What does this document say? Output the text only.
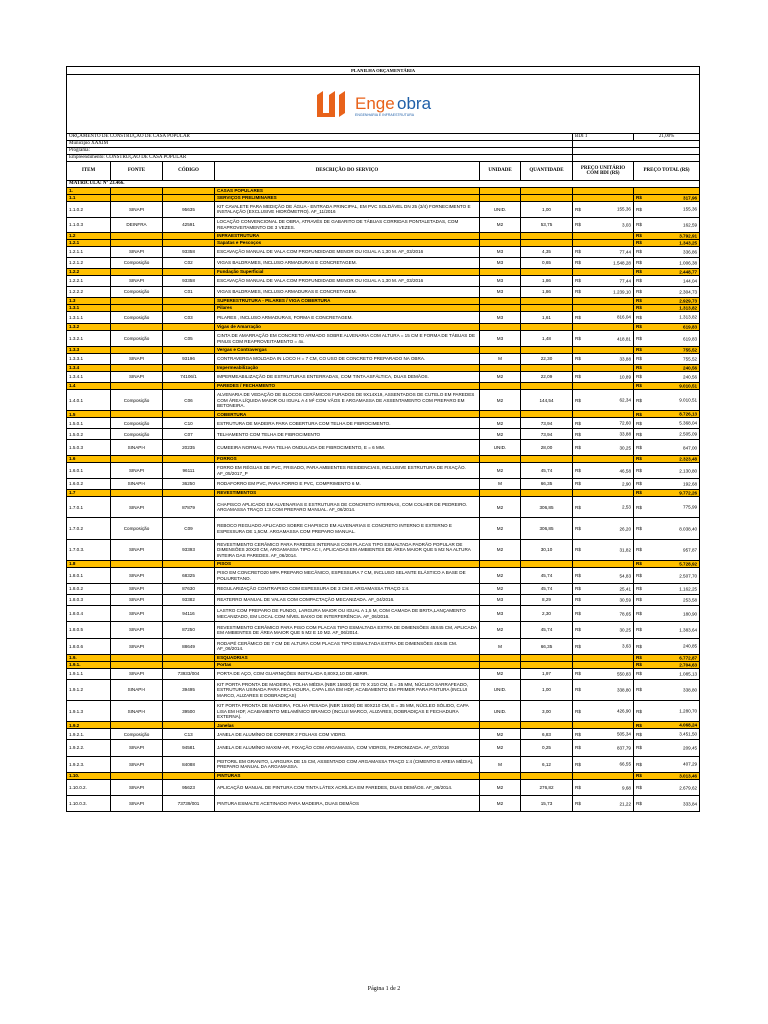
PLANILHA ORÇAMENTÁRIA							

Enge obra
ENGENHARIA E INFRAESTRUTURA							

ORÇAMENTO DE CONSTRUÇÃO DE CASA POPULAR						BDI 1	21,00%
Município XAXIM							
Programa:							
Empreendimento: CONSTRUÇÃO DE CASA POPULAR							
ITEM	FONTE	CÓDIGO	DESCRIÇÃO DO SERVIÇO	UNIDADE	QUANTIDADE	PREÇO UNITÁRIO COM BDI (R$)	PREÇO TOTAL (R$)
MATRÍCULA: Nº 23.466.							
1.			CASAS POPULARES				
1.1			SERVIÇOS PRELIMINARES				R$ 317,96

1.1.0.2	SINAPI	95635	KIT CAVALETE PARA MEDIÇÃO DE ÁGUA - ENTRADA PRINCIPAL, EM PVC SOLDÁVEL DN 25 (3/4) FORNECIMENTO E INSTALAÇÃO (EXCLUSIVE HIDRÔMETRO). AF_11/2016	UNID.	1,00	R$ 155,36	R$ 155,36

1.1.0.3	DEINFRA	42591	LOCAÇÃO CONVENCIONAL DE OBRA, ATRAVÉS DE GABARITO DE TÁBUAS CORRIDAS PONTALETADAS, COM REAPROVEITAMENTO DE 3 VEZES.	M2	53,75	R$ 3,03	R$ 162,59

1.2			INFRAESTRUTURA				R$ 3.792,91

1.2.1			Sapatas e Pescoços				R$ 1.343,25

1.2.1.1	SINAPI	93358	ESCAVAÇÃO MANUAL DE VALA COM PROFUNDIDADE MENOR OU IGUAL A 1,30 M. AF_03/2016	M3	4,35	R$ 77,44	R$ 336,86

1.2.1.2	Composição	C02	VIGAS BALDRAMES, INCLUSO ARMADURAS E CONCRETAGEM.	M3	0,65	R$ 1.548,28	R$ 1.006,38

1.2.2			Fundação Superficial				R$ 2.448,77

1.2.2.1	SINAPI	93358	ESCAVAÇÃO MANUAL DE VALA COM PROFUNDIDADE MENOR OU IGUAL A 1,30 M. AF_03/2016	M3	1,86	R$ 77,44	R$ 144,04

1.2.2.2	Composição	C01	VIGAS BALDRAMES, INCLUSO ARMADURAS E CONCRETAGEM.	M3	1,86	R$ 1.239,10	R$ 2.304,73

1.3			SUPERESTRUTURA - PILARES / VIGA COBERTURA				R$ 2.929,73

1.3.1			Pilares				R$ 1.313,82

1.3.1.1	Composição	C03	PILARES , INCLUSO ARMADURAS, FORMA E CONCRETAGEM.	M3	1,61	R$ 816,04	R$ 1.313,82

1.3.2			Vigas de Amarração				R$ 619,83

1.3.2.1	Composição	C05	CINTA DE AMARRAÇÃO EM CONCRETO ARMADO SOBRE ALVENARIA COM ALTURA = 15 CM E FORMA DE TÁBUAS DE PINUS COM REAPROVEITAMENTO = 4x.	M3	1,48	R$ 418,81	R$ 619,83

1.3.3			Vergas e Contravergas				R$ 755,52

1.3.3.1	SINAPI	93196	CONTRAVERGA MOLDADA IN LOCO H = 7 CM, CO USO DE CONCRETO PREPARADO NA OBRA.	M	22,30	R$ 33,88	R$ 755,52

1.3.4			Impermeabilização				R$ 240,56

1.3.4.1	SINAPI	74106/1	IMPERMEABILIZAÇÃO DE ESTRUTURAS ENTERRADAS, COM TINTA ASFÁLTICA, DUAS DEMÃOS.	M2	22,09	R$ 10,89	R$ 240,56

1.4			PAREDES / FECHAMENTO				R$ 9.010,51

1.4.0.1	Composição	C06	ALVENARIA DE VEDAÇÃO DE BLOCOS CERÂMICOS FURADOS DE 9X14X19, ASSENTADOS DE CUTELO EM PAREDES COM ÁREA LÍQUIDA MAIOR OU IGUAL A 4 M² COM VÃOS E ARGAMASSA DE ASSENTAMENTO COM PREPARO EM BETONEIRA.	M2	144,54	R$ 62,34	R$ 9.010,51

1.5			COBERTURA				R$ 8.726,13

1.5.0.1	Composição	C10	ESTRUTURA DE MADEIRA PARA COBERTURA COM TELHA DE FIBROCIMENTO.	M2	73,94	R$ 72,60	R$ 5.368,04

1.5.0.2	Composição	C07	TELHAMENTO COM TELHA DE FIBROCIMENTO	M2	73,94	R$ 33,88	R$ 2.505,09

1.5.0.3	SINAPI-I	20235	CUMEEIRA NORMAL PARA TELHA ONDULADA DE FIBROCIMENTO, E = 6 MM.	UNID.	28,00	R$ 30,25	R$ 847,00

1.6			FORROS				R$ 2.323,48

1.6.0.1	SINAPI	96111	FORRO EM RÉGUAS DE PVC, FRISADO, PARA AMBIENTES RESIDENCIAIS, INCLUSIVE ESTRUTURA DE FIXAÇÃO. AF_05/2017_P	M2	45,74	R$ 46,58	R$ 2.130,80

1.6.0.2	SINAPI-I	36250	RODAFORRO EM PVC, PARA FORRO E PVC, COMPRIMENTO 6 M.	M	66,35	R$ 2,90	R$ 192,68

1.7			REVESTIMENTOS				R$ 9.772,26

1.7.0.1	SINAPI	87879	CHAPISCO APLICADO EM ALVENARIAS E ESTRUTURAS DE CONCRETO INTERNAS, COM COLHER DE PEDREIRO. ARGAMASSA TRAÇO 1:3 COM PREPARO MANUAL. AF_06/2014.	M2	306,85	R$ 2,53	R$ 775,99

1.7.0.2	Composição	C09	REBOCO REGUADO APLICADO SOBRE CHAPISCO EM ALVENARIAS E CONCRETO INTERNO E EXTERNO E ESPESSURA DE 1,5CM. ARGAMASSA COM PREPARO MANUAL.	M2	306,85	R$ 26,20	R$ 8.038,40

1.7.0.3.	SINAPI	93393	REVESTIMENTO CERÂMICO PARA PAREDES INTERNAS COM PLACAS TIPO ESMALTADA PADRÃO POPULAR DE DIMENSÕES 20X20 CM, ARGAMASSA TIPO AC I, APLICADAS EM AMBIENTES DE ÁREA MAIOR QUE 5 M2 NA ALTURA INTEIRA DAS PAREDES. AF_06/2014.	M2	30,10	R$ 31,82	R$ 957,87

1.8			PISOS				R$ 5.728,92

1.8.0.1	SINAPI	68325	PISO EM CONCRETO20 MPA PREPARO MECÂNICO, ESPESSURA 7 CM, INCLUSO SELANTE ELÁSTICO A BASE DE POLIURETANO.	M2	45,74	R$ 54,83	R$ 2.507,70

1.8.0.2	SINAPI	87630	REGULARIZAÇÃO CONTRAPISO COM ESPESSURA DE 3 CM E ARGAMASSA TRAÇO 1:4.	M2	45,74	R$ 25,41	R$ 1.162,25

1.8.0.3	SINAPI	93382	REATERRO MANUAL DE VALAS COM COMPACTAÇÃO MECANIZADA. AF_04/2016.	M3	8,29	R$ 30,59	R$ 253,58

1.8.0.4	SINAPI	94116	LASTRO COM PREPARO DE FUNDO, LARGURA MAIOR OU IGUAL A 1,5 M, COM CAMADA DE BRITA,LANÇAMENTO MECANIZADO, EM LOCAL COM NÍVEL BAIXO DE INTERFERÊNCIA. AF_06/2016.	M3	2,30	R$ 78,65	R$ 180,90

1.8.0.5	SINAPI	87250	REVESTIMENTO CERÂMICO PARA PISO COM PLACAS TIPO ESMALTADA EXTRA DE DIMENSÕES 45X45 CM, APLICADA EM AMBIENTES DE ÁREA MAIOR QUE 5 M2 E 10 M2. AF_06/2014.	M2	45,74	R$ 30,25	R$ 1.383,64

1.8.0.6	SINAPI	88649	RODAPÉ CERÂMICO DE 7 CM DE ALTURA COM PLACAS TIPO ESMALTADA EXTRA DE DIMENSÕES 45X45 CM. AF_06/2014.	M	66,35	R$ 3,63	R$ 240,85

1.9.			ESQUADRIAS				R$ 6.772,87

1.9.1.			Portas				R$ 2.704,63

1.9.1.1	SINAPI	73933/004	PORTA DE AÇO, COM GUARNIÇÕES INSTALADA 0,80X2,10 DE ABRIR.	M2	1,97	R$ 550,83	R$ 1.085,13

1.9.1.2	SINAPI-I	39495	KIT PORTA PRONTA DE MADEIRA, FOLHA MÉDIA (NBR 15930) DE 70 X 210 CM, E = 35 MM, NÚCLEO SARRAFEADO, ESTRUTURA USINADA PARA FECHADURA, CAPA LISA EM HDF, ACABAMENTO EM PRIMER PARA PINTURA (INCLUI MARCO, ALIZARES E DOBRADIÇAS)	UNID.	1,00	R$ 338,80	R$ 338,80

1.9.1.3	SINAPI-I	39500	KIT PORTA PRONTA DE MADEIRA, FOLHA PESADA (NBR 15930) DE 80X210 CM, E = 35 MM, NÚCLEO SÓLIDO, CAPA LISA EM HDF, ACABAMENTO MELAMÍNICO BRANCO (INCLUI MARCO, ALIZARES, DOBRADIÇAS E FECHADURA EXTERNA).	UNID.	3,00	R$ 426,90	R$ 1.280,70

1.9.2			Janelas				R$ 4.068,24

1.9.2.1.	Composição	C13	JANELA DE ALUMÍNIO DE CORRER 2 FOLHAS COM VIDRO.	M2	6,83	R$ 505,34	R$ 3.451,50

1.9.2.2.	SINAPI	94581	JANELA DE ALUMÍNIO MAXIM-AR, FIXAÇÃO COM ARGAMASSA, COM VIDROS, PADRONIZADA. AF_07/2016	M2	0,25	R$ 837,79	R$ 209,45

1.9.2.3.	SINAPI	84088	PEITORIL EM GRANITO, LARGURA DE 15 CM, ASSENTADO COM ARGAMASSA TRAÇO 1:4 (CIMENTO E AREIA MÉDIA), PREPARO MANUAL DA ARGAMASSA.	M	6,12	R$ 66,55	R$ 407,29

1.10.			PINTURAS				R$ 3.013,46

1.10.0.2.	SINAPI	95623	APLICAÇÃO MANUAL DE PINTURA COM TINTA LÁTEX ACRÍLICA EM PAREDES, DUAS DEMÃOS. AF_06/2014.	M2	276,82	R$ 9,68	R$ 2.679,62

1.10.0.3.	SINAPI	73739/001	PINTURA ESMALTE ACETINADO PARA MADEIRA, DUAS DEMÃOS	M2	15,73	R$ 21,22	R$ 333,84
Página 1 de 2
